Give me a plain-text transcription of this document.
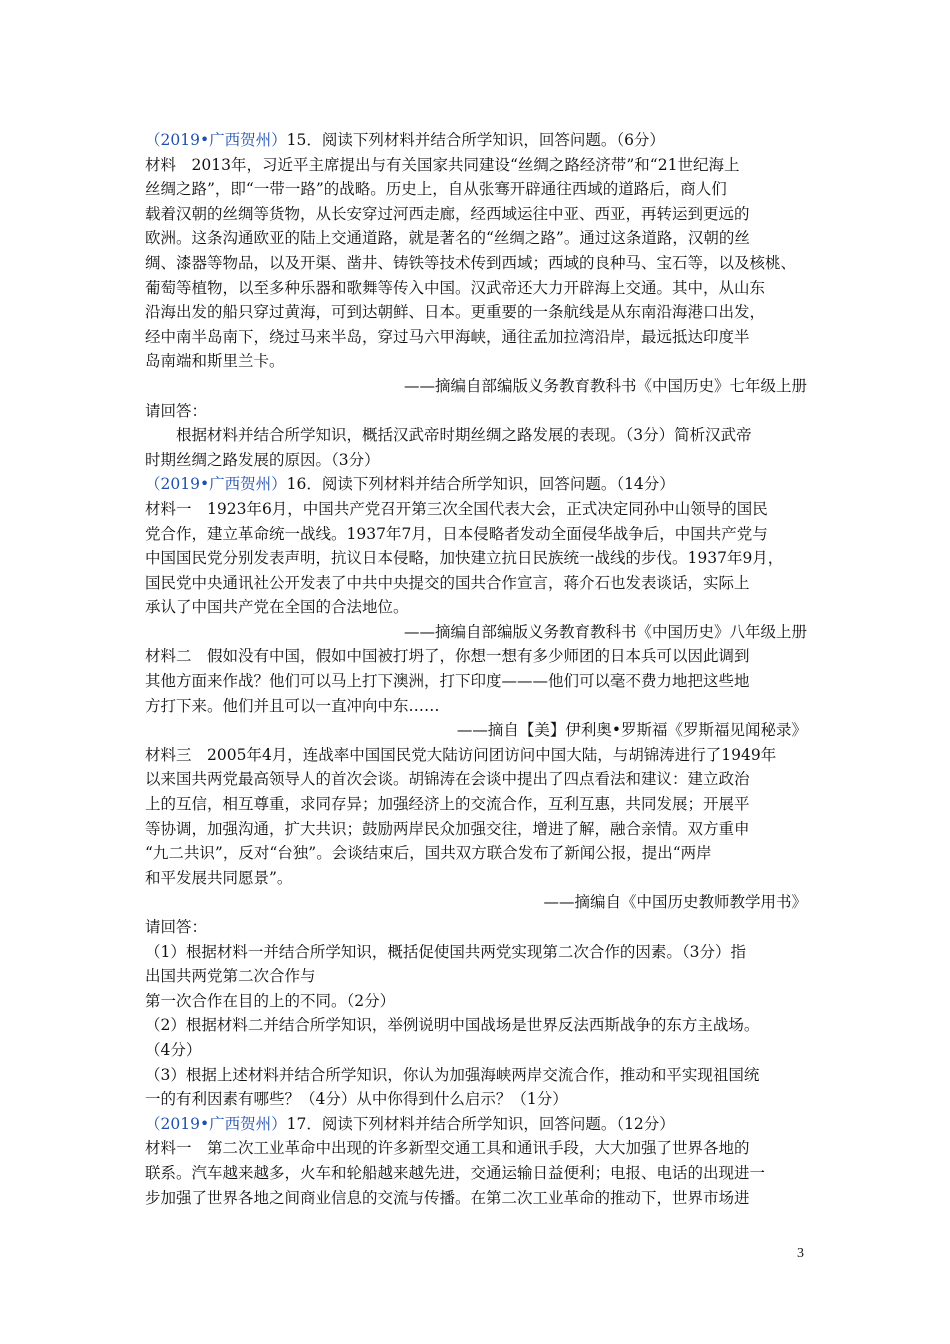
（2019•广西贺州）15．阅读下列材料并结合所学知识，回答问题。（6分）
材料　2013年，习近平主席提出与有关国家共同建设“丝绸之路经济带”和“21世纪海上
丝绸之路”，即“一带一路”的战略。历史上，自从张骞开辟通往西域的道路后，商人们
载着汉朝的丝绸等货物，从长安穿过河西走廊，经西域运往中亚、西亚，再转运到更远的
欧洲。这条沟通欧亚的陆上交通道路，就是著名的“丝绸之路”。通过这条道路，汉朝的丝
绸、漆器等物品，以及开渠、凿井、铸铁等技术传到西域；西域的良种马、宝石等，以及核桃、
葡萄等植物，以至多种乐器和歌舞等传入中国。汉武帝还大力开辟海上交通。其中，从山东
沿海出发的船只穿过黄海，可到达朝鲜、日本。更重要的一条航线是从东南沿海港口出发，
经中南半岛南下，绕过马来半岛，穿过马六甲海峡，通往孟加拉湾沿岸，最远抵达印度半
岛南端和斯里兰卡。
——摘编自部编版义务教育教科书《中国历史》七年级上册
请回答：
根据材料并结合所学知识，概括汉武帝时期丝绸之路发展的表现。（3分）简析汉武帝
时期丝绸之路发展的原因。（3分）
（2019•广西贺州）16．阅读下列材料并结合所学知识，回答问题。（14分）
材料一　1923年6月，中国共产党召开第三次全国代表大会，正式决定同孙中山领导的国民
党合作，建立革命统一战线。1937年7月，日本侵略者发动全面侵华战争后，中国共产党与
中国国民党分别发表声明，抗议日本侵略，加快建立抗日民族统一战线的步伐。1937年9月，
国民党中央通讯社公开发表了中共中央提交的国共合作宣言，蒋介石也发表谈话，实际上
承认了中国共产党在全国的合法地位。
——摘编自部编版义务教育教科书《中国历史》八年级上册
材料二　假如没有中国，假如中国被打坍了，你想一想有多少师团的日本兵可以因此调到
其他方面来作战？他们可以马上打下澳洲，打下印度———他们可以毫不费力地把这些地
方打下来。他们并且可以一直冲向中东……
——摘自【美】伊利奥•罗斯福《罗斯福见闻秘录》
材料三　2005年4月，连战率中国国民党大陆访问团访问中国大陆，与胡锦涛进行了1949年
以来国共两党最高领导人的首次会谈。胡锦涛在会谈中提出了四点看法和建议：建立政治
上的互信，相互尊重，求同存异；加强经济上的交流合作，互利互惠，共同发展；开展平
等协调，加强沟通，扩大共识；鼓励两岸民众加强交往，增进了解，融合亲情。双方重申
“九二共识”，反对“台独”。会谈结束后，国共双方联合发布了新闻公报，提出“两岸
和平发展共同愿景”。
——摘编自《中国历史教师教学用书》
请回答：
（1）根据材料一并结合所学知识，概括促使国共两党实现第二次合作的因素。（3分）指
出国共两党第二次合作与
第一次合作在目的上的不同。（2分）
（2）根据材料二并结合所学知识，举例说明中国战场是世界反法西斯战争的东方主战场。
（4分）
（3）根据上述材料并结合所学知识，你认为加强海峡两岸交流合作，推动和平实现祖国统
一的有利因素有哪些？（4分）从中你得到什么启示？（1分）
（2019•广西贺州）17．阅读下列材料并结合所学知识，回答问题。（12分）
材料一　第二次工业革命中出现的许多新型交通工具和通讯手段，大大加强了世界各地的
联系。汽车越来越多，火车和轮船越来越先进，交通运输日益便利；电报、电话的出现进一
步加强了世界各地之间商业信息的交流与传播。在第二次工业革命的推动下，世界市场进
3
